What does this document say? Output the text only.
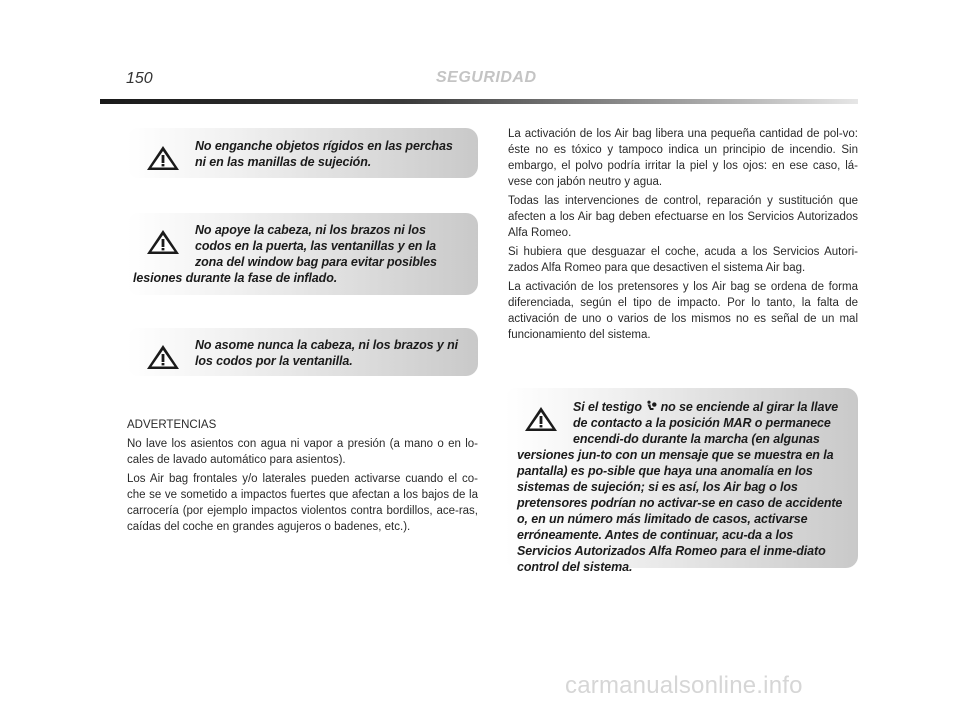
150	SEGURIDAD

No enganche objetos rígidos en las perchas ni en las manillas de sujeción.

No apoye la cabeza, ni los brazos ni los codos en la puerta, las ventanillas y en la zona del window bag para evitar posibles lesiones durante la fase de inflado.

No asome nunca la cabeza, ni los brazos y ni los codos por la ventanilla.

ADVERTENCIAS

No lave los asientos con agua ni vapor a presión (a mano o en lo-cales de lavado automático para asientos).

Los Air bag frontales y/o laterales pueden activarse cuando el co-che se ve sometido a impactos fuertes que afectan a los bajos de la carrocería (por ejemplo impactos violentos contra bordillos, ace-ras, caídas del coche en grandes agujeros o badenes, etc.).

La activación de los Air bag libera una pequeña cantidad de pol-vo: éste no es tóxico y tampoco indica un principio de incendio. Sin embargo, el polvo podría irritar la piel y los ojos: en ese caso, lá-vese con jabón neutro y agua.

Todas las intervenciones de control, reparación y sustitución que afecten a los Air bag deben efectuarse en los Servicios Autorizados Alfa Romeo.

Si hubiera que desguazar el coche, acuda a los Servicios Autori-zados Alfa Romeo para que desactiven el sistema Air bag.

La activación de los pretensores y los Air bag se ordena de forma diferenciada, según el tipo de impacto. Por lo tanto, la falta de activación de uno o varios de los mismos no es señal de un mal funcionamiento del sistema.

Si el testigo no se enciende al girar la llave de contacto a la posición MAR o permanece encendi-do durante la marcha (en algunas versiones jun-to con un mensaje que se muestra en la pantalla) es po-sible que haya una anomalía en los sistemas de sujeción; si es así, los Air bag o los pretensores podrían no activar-se en caso de accidente o, en un número más limitado de casos, activarse erróneamente. Antes de continuar, acu-da a los Servicios Autorizados Alfa Romeo para el inme-diato control del sistema.

carmanualsonline.info
